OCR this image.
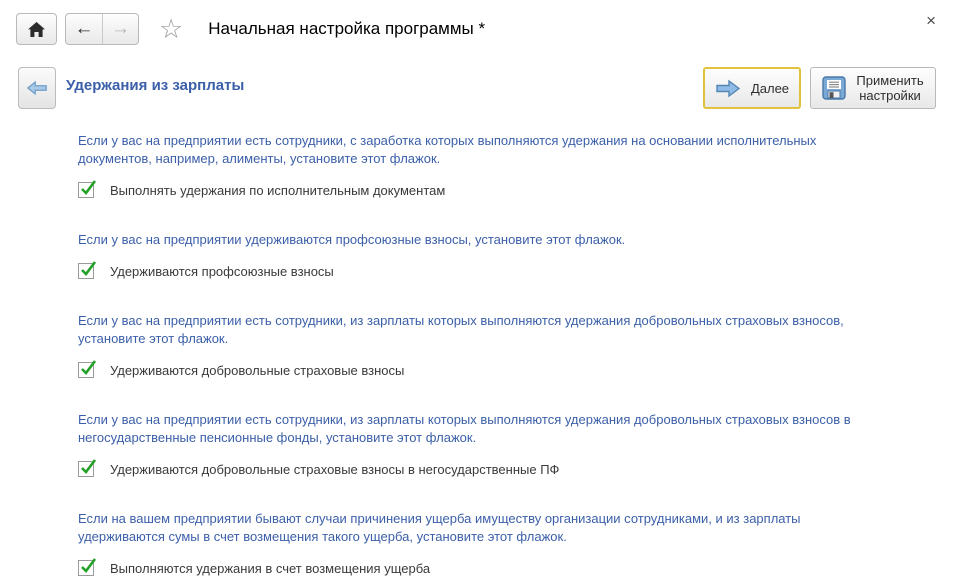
← → ☆ Начальная настройка программы *	×
Удержания из зарплаты	Далее	Применить настройки
Если у вас на предприятии есть сотрудники, с заработка которых выполняются удержания на основании исполнительных документов, например, алименты, установите этот флажок.
Выполнять удержания по исполнительным документам
Если у вас на предприятии удерживаются профсоюзные взносы, установите этот флажок.
Удерживаются профсоюзные взносы
Если у вас на предприятии есть сотрудники, из зарплаты которых выполняются удержания добровольных страховых взносов, установите этот флажок.
Удерживаются добровольные страховые взносы
Если у вас на предприятии есть сотрудники, из зарплаты которых выполняются удержания добровольных страховых взносов в негосударственные пенсионные фонды, установите этот флажок.
Удерживаются добровольные страховые взносы в негосударственные ПФ
Если на вашем предприятии бывают случаи причинения ущерба имуществу организации сотрудниками, и из зарплаты удерживаются сумы в счет возмещения такого ущерба, установите этот флажок.
Выполняются удержания в счет возмещения ущерба
